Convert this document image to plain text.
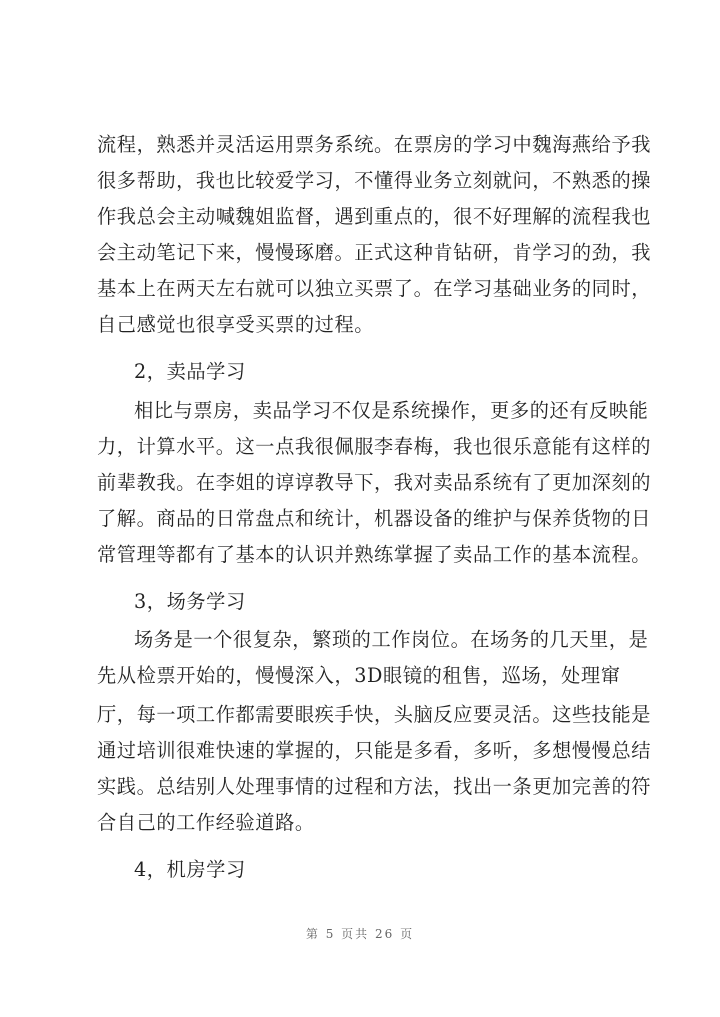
流程，熟悉并灵活运用票务系统。在票房的学习中魏海燕给予我
很多帮助，我也比较爱学习，不懂得业务立刻就问，不熟悉的操
作我总会主动喊魏姐监督，遇到重点的，很不好理解的流程我也
会主动笔记下来，慢慢琢磨。正式这种肯钻研，肯学习的劲，我
基本上在两天左右就可以独立买票了。在学习基础业务的同时，
自己感觉也很享受买票的过程。
2，卖品学习
相比与票房，卖品学习不仅是系统操作，更多的还有反映能
力，计算水平。这一点我很佩服李春梅，我也很乐意能有这样的
前辈教我。在李姐的谆谆教导下，我对卖品系统有了更加深刻的
了解。商品的日常盘点和统计，机器设备的维护与保养货物的日
常管理等都有了基本的认识并熟练掌握了卖品工作的基本流程。
3，场务学习
场务是一个很复杂，繁琐的工作岗位。在场务的几天里，是
先从检票开始的，慢慢深入，3D眼镜的租售，巡场，处理窜
厅，每一项工作都需要眼疾手快，头脑反应要灵活。这些技能是
通过培训很难快速的掌握的，只能是多看，多听，多想慢慢总结
实践。总结别人处理事情的过程和方法，找出一条更加完善的符
合自己的工作经验道路。
4，机房学习
第 5 页共 26 页
